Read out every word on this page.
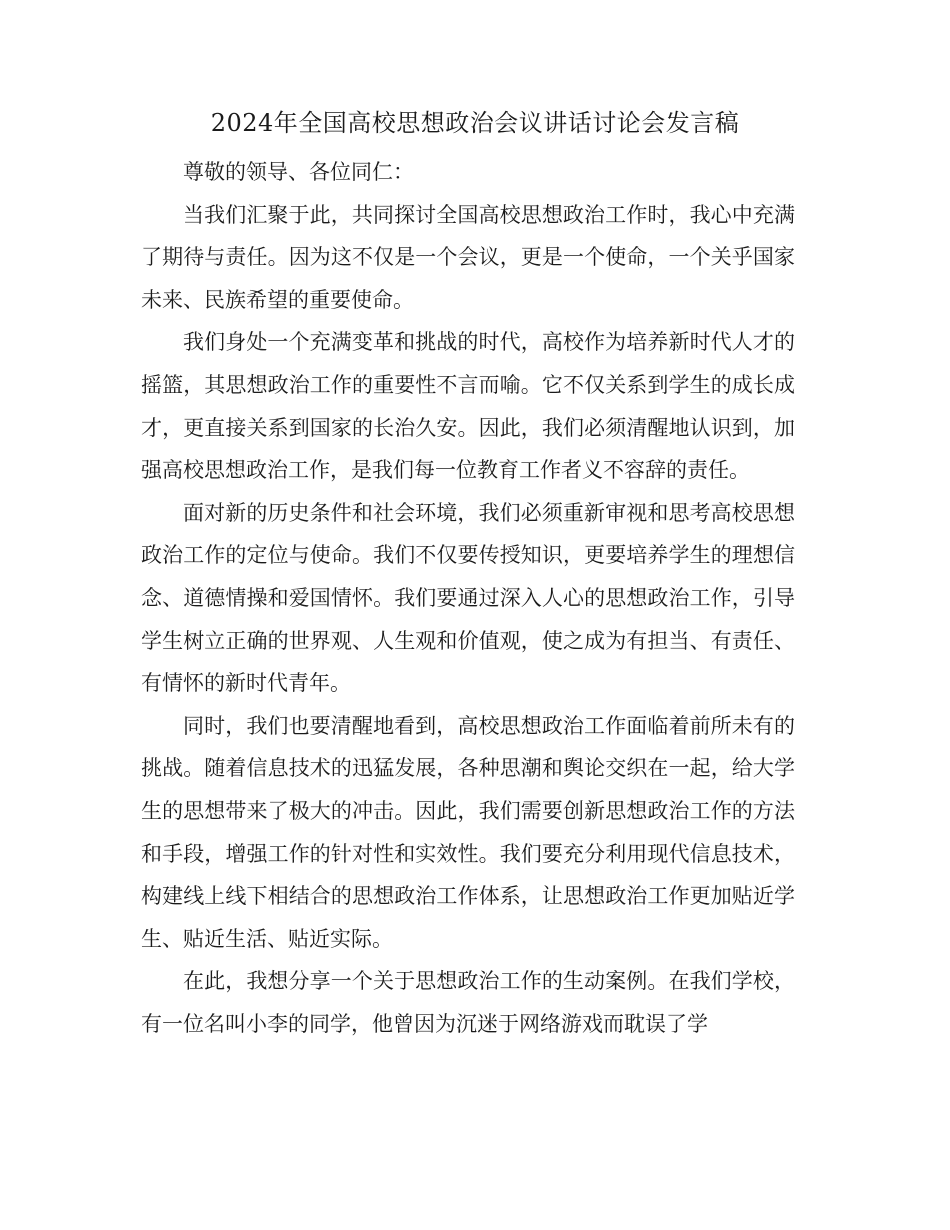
2024年全国高校思想政治会议讲话讨论会发言稿

尊敬的领导、各位同仁：

当我们汇聚于此，共同探讨全国高校思想政治工作时，我心中充满了期待与责任。因为这不仅是一个会议，更是一个使命，一个关乎国家未来、民族希望的重要使命。

我们身处一个充满变革和挑战的时代，高校作为培养新时代人才的摇篮，其思想政治工作的重要性不言而喻。它不仅关系到学生的成长成才，更直接关系到国家的长治久安。因此，我们必须清醒地认识到，加强高校思想政治工作，是我们每一位教育工作者义不容辞的责任。

面对新的历史条件和社会环境，我们必须重新审视和思考高校思想政治工作的定位与使命。我们不仅要传授知识，更要培养学生的理想信念、道德情操和爱国情怀。我们要通过深入人心的思想政治工作，引导学生树立正确的世界观、人生观和价值观，使之成为有担当、有责任、有情怀的新时代青年。

同时，我们也要清醒地看到，高校思想政治工作面临着前所未有的挑战。随着信息技术的迅猛发展，各种思潮和舆论交织在一起，给大学生的思想带来了极大的冲击。因此，我们需要创新思想政治工作的方法和手段，增强工作的针对性和实效性。我们要充分利用现代信息技术，构建线上线下相结合的思想政治工作体系，让思想政治工作更加贴近学生、贴近生活、贴近实际。

在此，我想分享一个关于思想政治工作的生动案例。在我们学校，有一位名叫小李的同学，他曾因为沉迷于网络游戏而耽误了学
